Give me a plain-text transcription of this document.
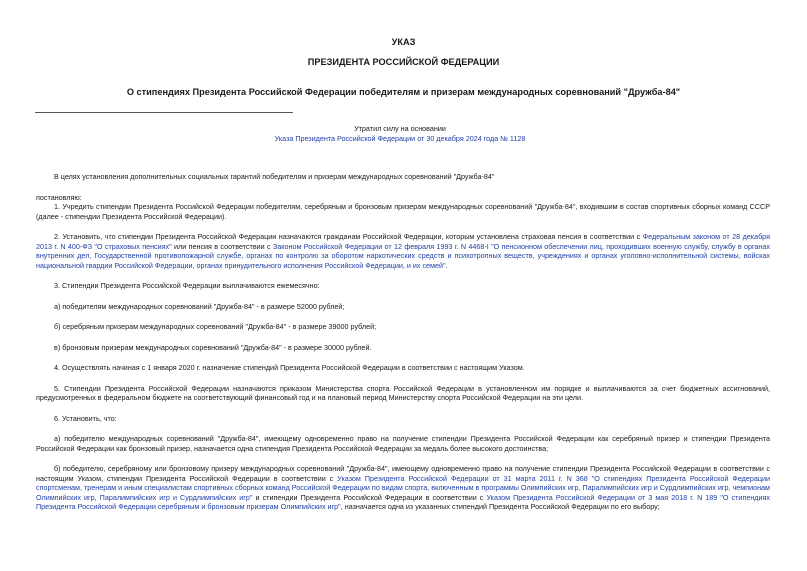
УКАЗ
ПРЕЗИДЕНТА РОССИЙСКОЙ ФЕДЕРАЦИИ
О стипендиях Президента Российской Федерации победителям и призерам международных соревнований "Дружба-84"
Утратил силу на основании
Указа Президента Российской Федерации от 30 декабря 2024 года № 1128

В целях установления дополнительных социальных гарантий победителям и призерам международных соревнований "Дружба-84"

постановляю:

1. Учредить стипендии Президента Российской Федерации победителям, серебряным и бронзовым призерам международных соревнований "Дружба-84", входившим в состав спортивных сборных команд СССР (далее - стипендии Президента Российской Федерации).

2. Установить, что стипендии Президента Российской Федерации назначаются гражданам Российской Федерации, которым установлена страховая пенсия в соответствии с Федеральным законом от 28 декабря 2013 г. N 400-ФЗ "О страховых пенсиях" или пенсия в соответствии с Законом Российской Федерации от 12 февраля 1993 г. N 4468-I "О пенсионном обеспечении лиц, проходивших военную службу, службу в органах внутренних дел, Государственной противопожарной службе, органах по контролю за оборотом наркотических средств и психотропных веществ, учреждениях и органах уголовно-исполнительной системы, войсках национальной гвардии Российской Федерации, органах принудительного исполнения Российской Федерации, и их семей".

3. Стипендии Президента Российской Федерации выплачиваются ежемесячно:

а) победителям международных соревнований "Дружба-84" - в размере 52000 рублей;

б) серебряным призерам международных соревнований "Дружба-84" - в размере 39000 рублей;

в) бронзовым призерам международных соревнований "Дружба-84" - в размере 30000 рублей.

4. Осуществлять начиная с 1 января 2020 г. назначение стипендий Президента Российской Федерации в соответствии с настоящим Указом.

5. Стипендии Президента Российской Федерации назначаются приказом Министерства спорта Российской Федерации в установленном им порядке и выплачиваются за счет бюджетных ассигнований, предусмотренных в федеральном бюджете на соответствующий финансовый год и на плановый период Министерству спорта Российской Федерации на эти цели.

6. Установить, что:

а) победителю международных соревнований "Дружба-84", имеющему одновременно право на получение стипендии Президента Российской Федерации как серебряный призер и стипендии Президента Российской Федерации как бронзовый призер, назначается одна стипендия Президента Российской Федерации за медаль более высокого достоинства;

б) победителю, серебряному или бронзовому призеру международных соревнований "Дружба-84", имеющему одновременно право на получение стипендии Президента Российской Федерации в соответствии с настоящим Указом, стипендии Президента Российской Федерации в соответствии с Указом Президента Российской Федерации от 31 марта 2011 г. N 368 "О стипендиях Президента Российской Федерации спортсменам, тренерам и иным специалистам спортивных сборных команд Российской Федерации по видам спорта, включенным в программы Олимпийских игр, Паралимпийских игр и Сурдлимпийских игр, чемпионам Олимпийских игр, Паралимпийских игр и Сурдлимпийских игр" и стипендии Президента Российской Федерации в соответствии с Указом Президента Российской Федерации от 3 мая 2018 г. N 189 "О стипендиях Президента Российской Федерации серебряным и бронзовым призерам Олимпийских игр", назначается одна из указанных стипендий Президента Российской Федерации по его выбору;
